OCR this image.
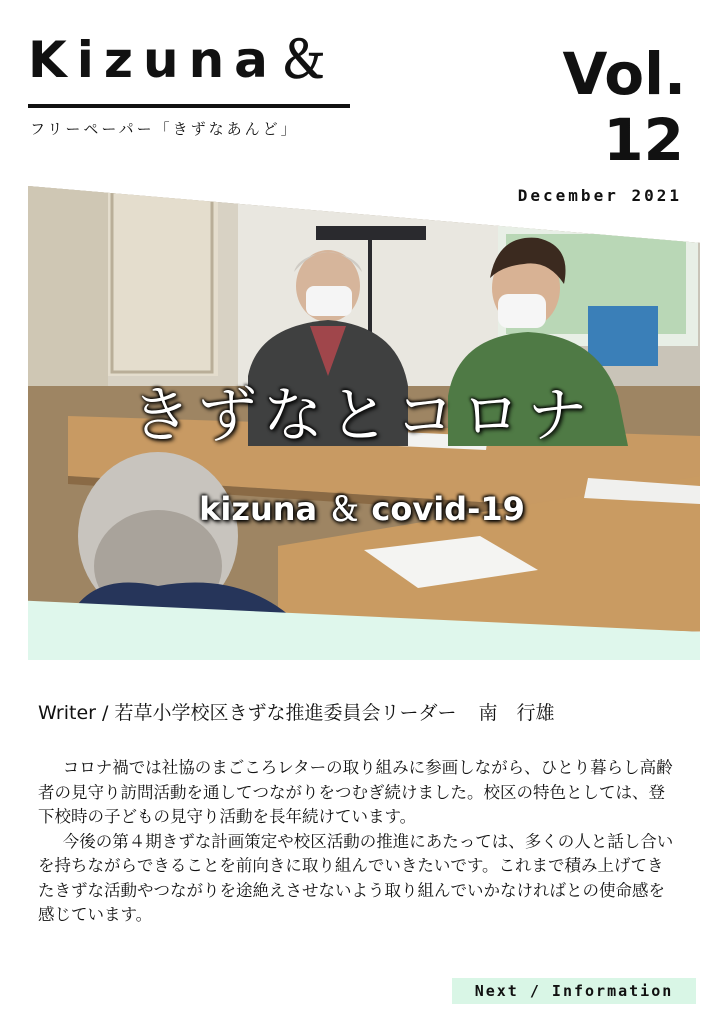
Kizuna＆
フリーペーパー「きずなあんど」
Vol.
12
December 2021
きずなとコロナ
kizuna ＆ covid-19
Writer / 若草小学校区きずな推進委員会リーダー 南　行雄

コロナ禍では社協のまごころレターの取り組みに参画しながら、ひとり暮らし高齢者の見守り訪問活動を通してつながりをつむぎ続けました。校区の特色としては、登下校時の子どもの見守り活動を長年続けています。

今後の第４期きずな計画策定や校区活動の推進にあたっては、多くの人と話し合いを持ちながらできることを前向きに取り組んでいきたいです。これまで積み上げてきたきずな活動やつながりを途絶えさせないよう取り組んでいかなければとの使命感を感じています。

Next / Information
